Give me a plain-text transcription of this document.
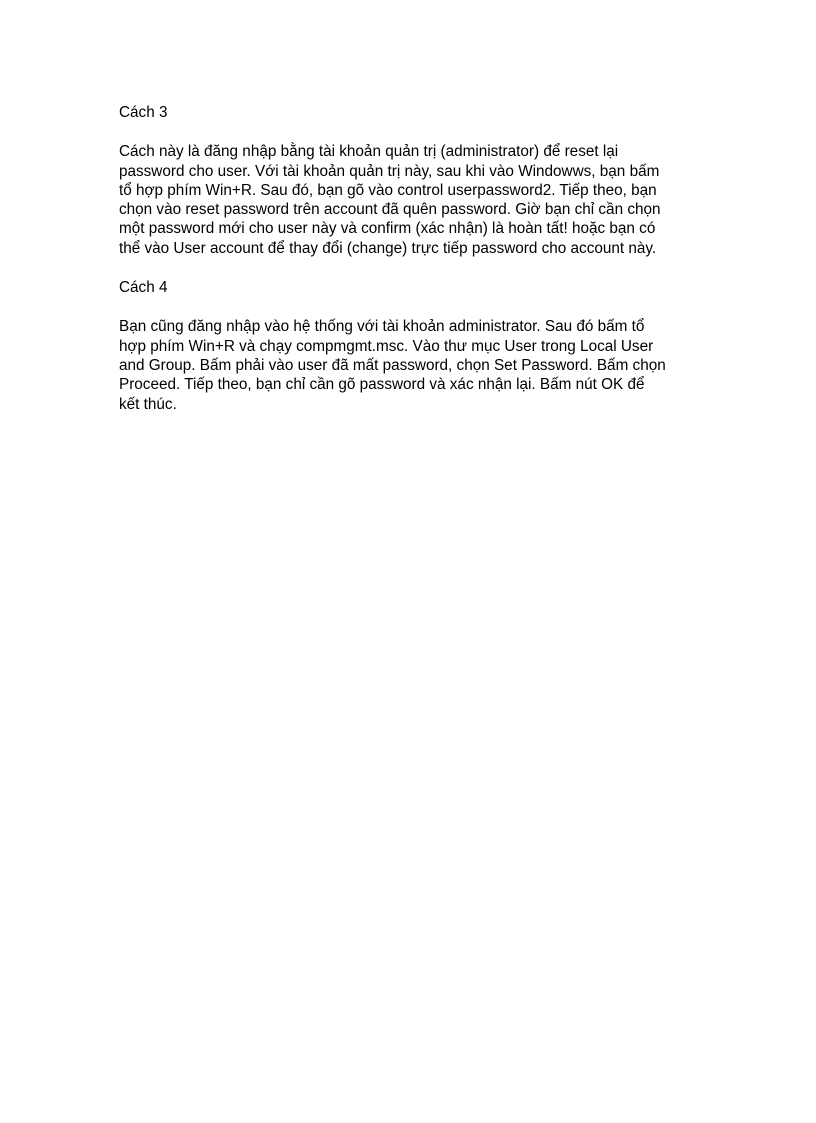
Cách 3

Cách này là đăng nhập bằng tài khoản quản trị (administrator) để reset lại
password cho user. Với tài khoản quản trị này, sau khi vào Windowws, bạn bấm
tổ hợp phím Win+R. Sau đó, bạn gõ vào control userpassword2. Tiếp theo, bạn
chọn vào reset password trên account đã quên password. Giờ bạn chỉ cần chọn
một password mới cho user này và confirm (xác nhận) là hoàn tất! hoặc bạn có
thể vào User account để thay đổi (change) trực tiếp password cho account này.

Cách 4

Bạn cũng đăng nhập vào hệ thống với tài khoản administrator. Sau đó bấm tổ
hợp phím Win+R và chạy compmgmt.msc. Vào thư mục User trong Local User
and Group. Bấm phải vào user đã mất password, chọn Set Password. Bấm chọn
Proceed. Tiếp theo, bạn chỉ cần gõ password và xác nhận lại. Bấm nút OK để
kết thúc.
